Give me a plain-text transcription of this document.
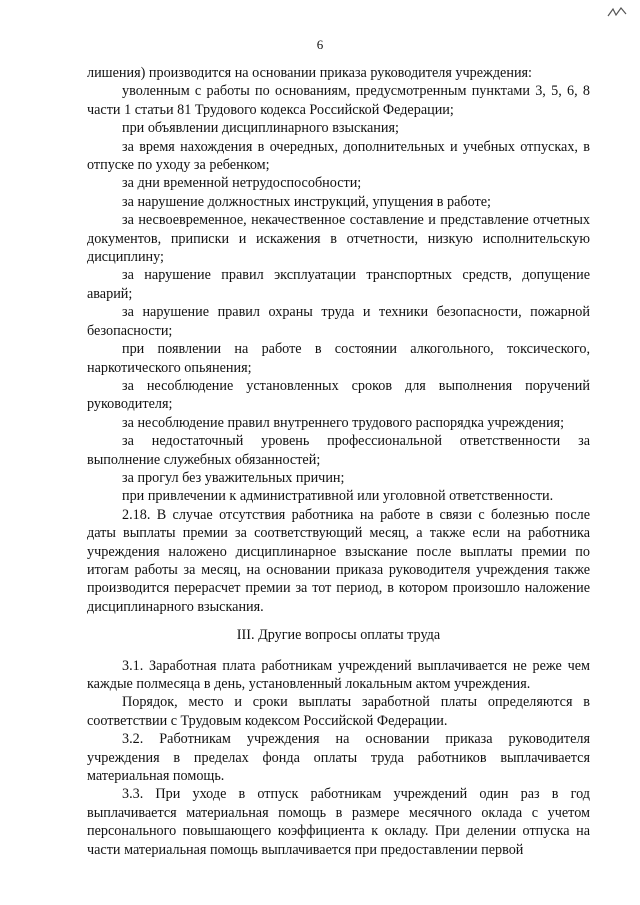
6

лишения) производится на основании приказа руководителя учреждения:

уволенным с работы по основаниям, предусмотренным пунктами 3, 5, 6, 8 части 1 статьи 81 Трудового кодекса Российской Федерации;

при объявлении дисциплинарного взыскания;

за время нахождения в очередных, дополнительных и учебных отпусках, в отпуске по уходу за ребенком;

за дни временной нетрудоспособности;

за нарушение должностных инструкций, упущения в работе;

за несвоевременное, некачественное составление и представление отчетных документов, приписки и искажения в отчетности, низкую исполнительскую дисциплину;

за нарушение правил эксплуатации транспортных средств, допущение аварий;

за нарушение правил охраны труда и техники безопасности, пожарной безопасности;

при появлении на работе в состоянии алкогольного, токсического, наркотического опьянения;

за несоблюдение установленных сроков для выполнения поручений руководителя;

за несоблюдение правил внутреннего трудового распорядка учреждения;

за недостаточный уровень профессиональной ответственности за выполнение служебных обязанностей;

за прогул без уважительных причин;

при привлечении к административной или уголовной ответственности.

2.18. В случае отсутствия работника на работе в связи с болезнью после даты выплаты премии за соответствующий месяц, а также если на работника учреждения наложено дисциплинарное взыскание после выплаты премии по итогам работы за месяц, на основании приказа руководителя учреждения также производится перерасчет премии за тот период, в котором произошло наложение дисциплинарного взыскания.

III. Другие вопросы оплаты труда

3.1. Заработная плата работникам учреждений выплачивается не реже чем каждые полмесяца в день, установленный локальным актом учреждения.

Порядок, место и сроки выплаты заработной платы определяются в соответствии с Трудовым кодексом Российской Федерации.

3.2. Работникам учреждения на основании приказа руководителя учреждения в пределах фонда оплаты труда работников выплачивается материальная помощь.

3.3. При уходе в отпуск работникам учреждений один раз в год выплачивается материальная помощь в размере месячного оклада с учетом персонального повышающего коэффициента к окладу. При делении отпуска на части материальная помощь выплачивается при предоставлении первой
